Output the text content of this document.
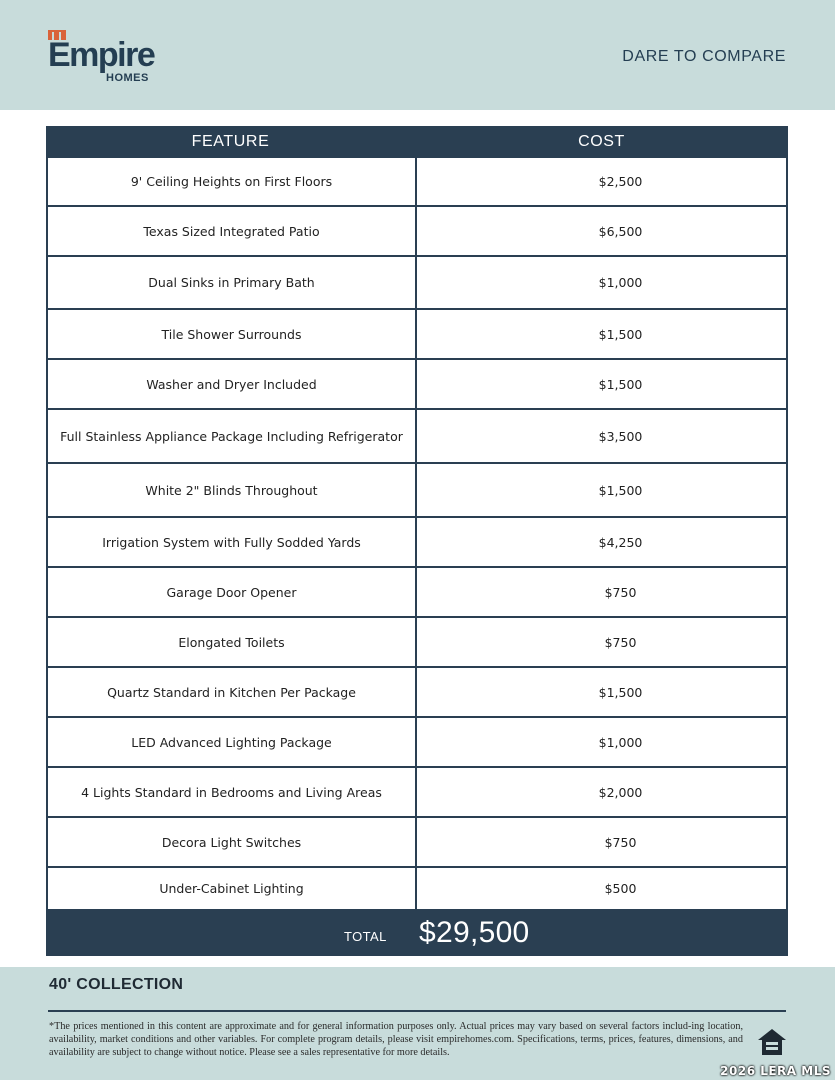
Empire
HOMES
DARE TO COMPARE
FEATURE	COST
9' Ceiling Heights on First Floors	$2,500
Texas Sized Integrated Patio	$6,500
Dual Sinks in Primary Bath	$1,000
Tile Shower Surrounds	$1,500
Washer and Dryer Included	$1,500
Full Stainless Appliance Package Including Refrigerator	$3,500
White 2" Blinds Throughout	$1,500
Irrigation System with Fully Sodded Yards	$4,250
Garage Door Opener	$750
Elongated Toilets	$750
Quartz Standard in Kitchen Per Package	$1,500
LED Advanced Lighting Package	$1,000
4 Lights Standard in Bedrooms and Living Areas	$2,000
Decora Light Switches	$750
Under-Cabinet Lighting	$500
TOTAL $29,500
40' COLLECTION
*The prices mentioned in this content are approximate and for general information purposes only. Actual prices may vary based on several factors includ-ing location, availability, market conditions and other variables. For complete program details, please visit empirehomes.com. Specifications, terms, prices, features, dimensions, and availability are subject to change without notice. Please see a sales representative for more details.
2026 LERA MLS
